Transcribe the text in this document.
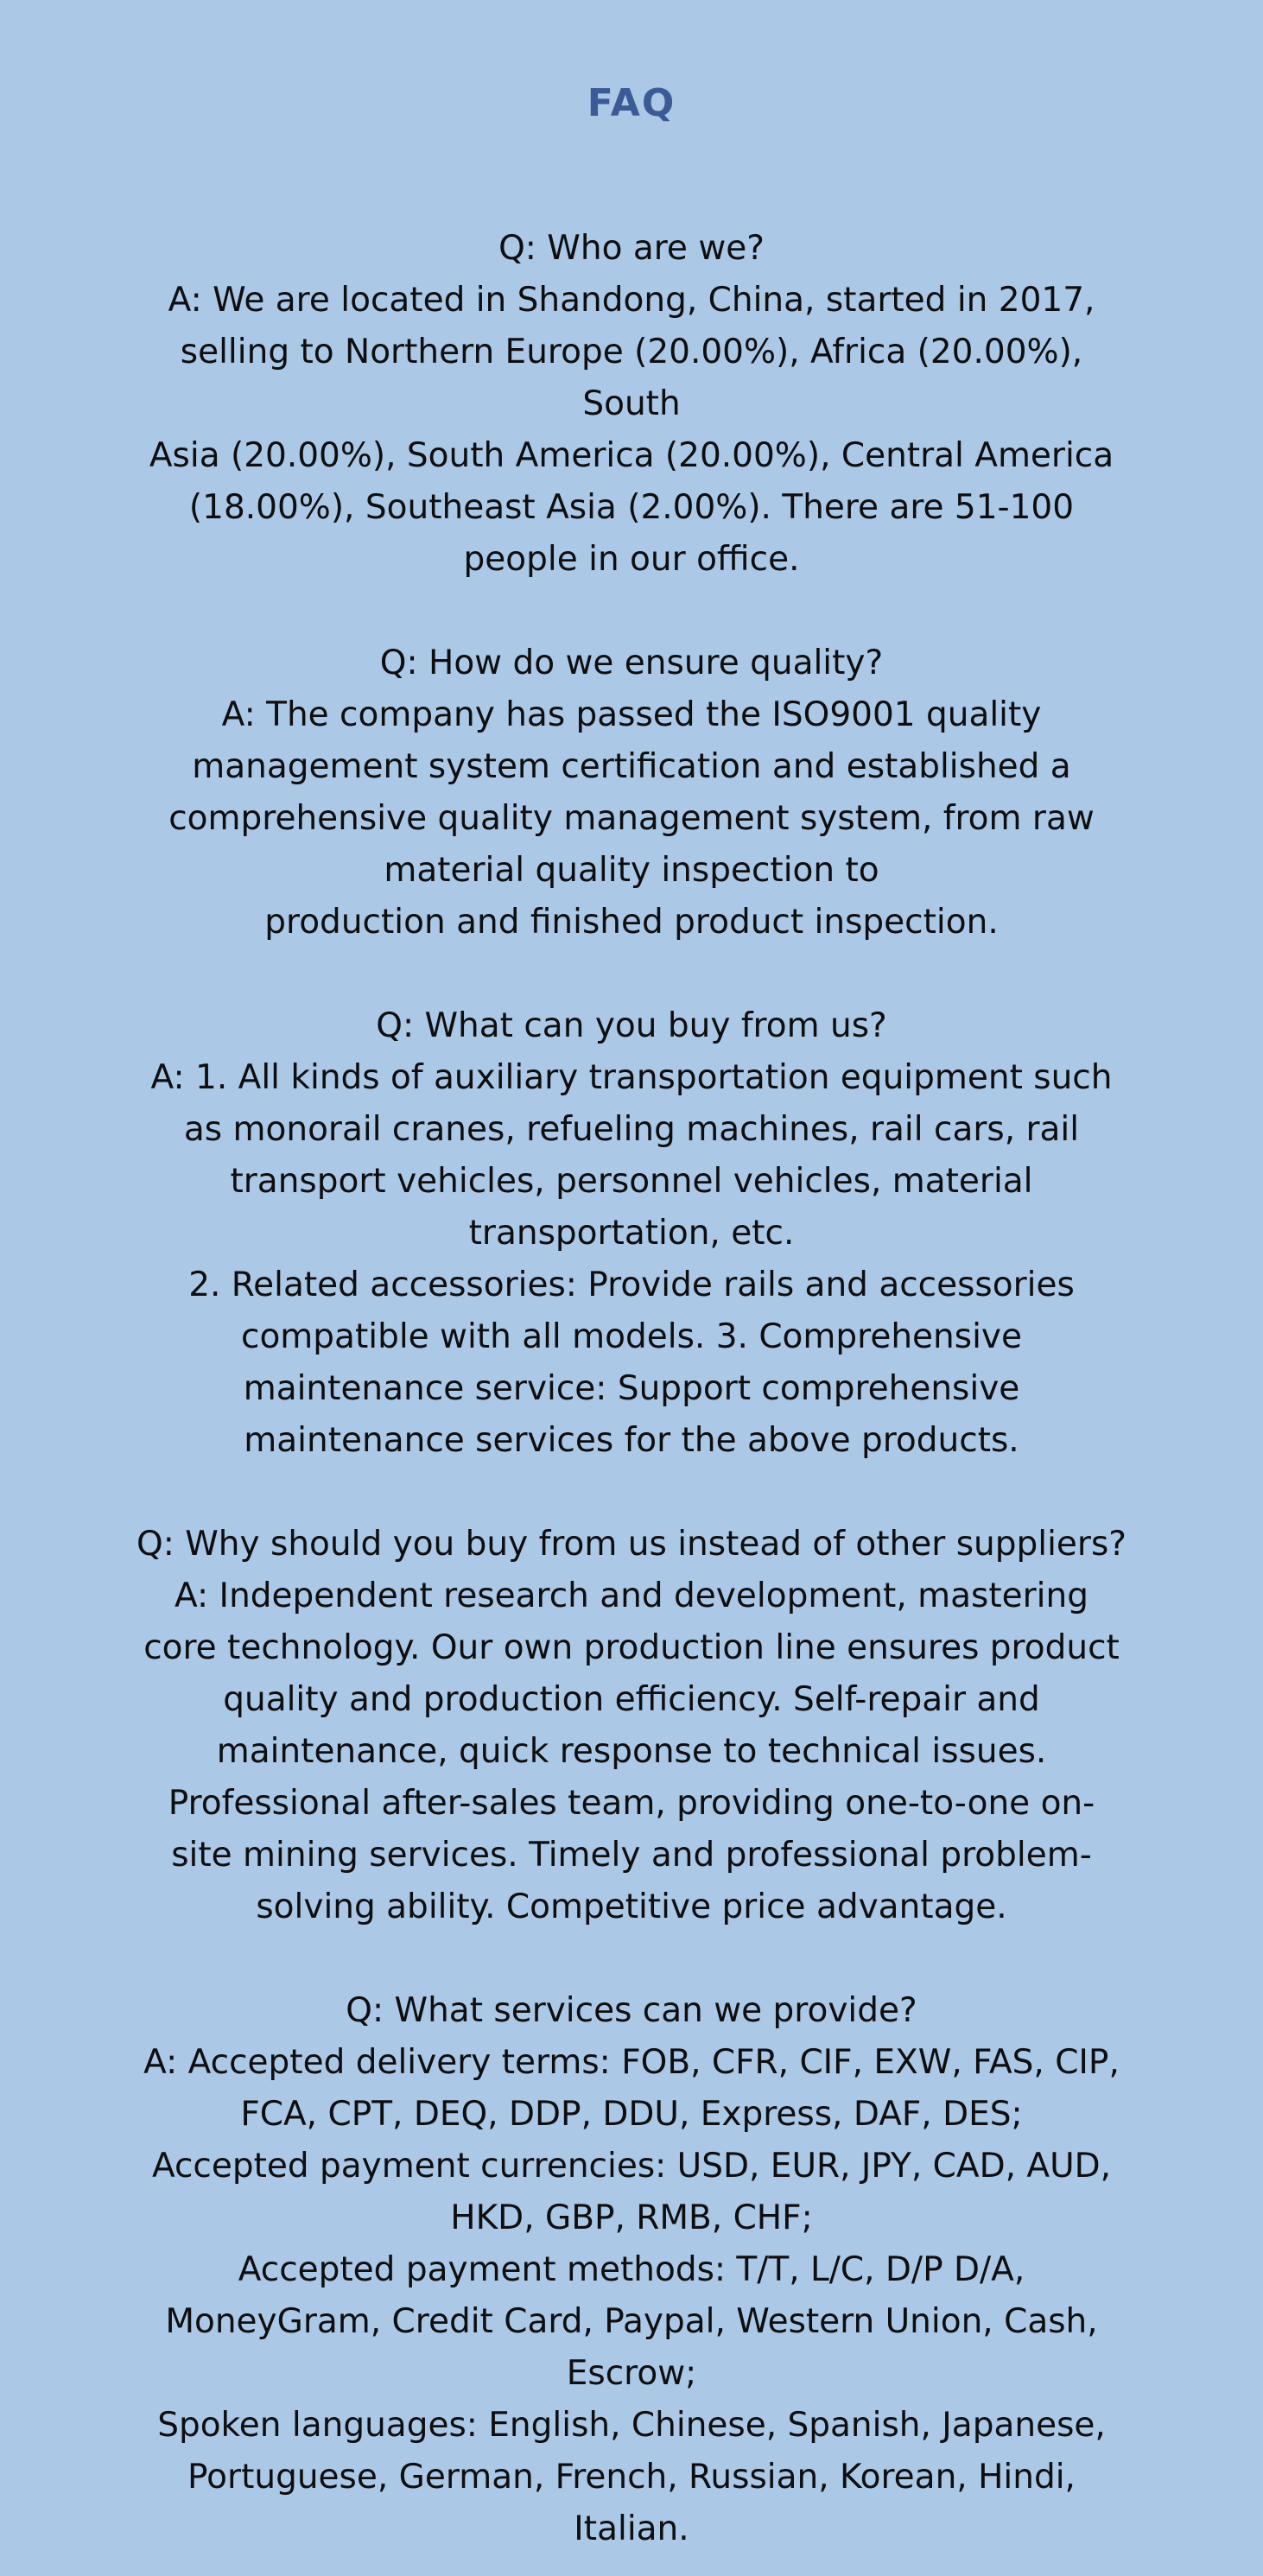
FAQ
Q: Who are we?
A: We are located in Shandong, China, started in 2017,
selling to Northern Europe (20.00%), Africa (20.00%),
South
Asia (20.00%), South America (20.00%), Central America
(18.00%), Southeast Asia (2.00%). There are 51-100
people in our office.
Q: How do we ensure quality?
A: The company has passed the ISO9001 quality
management system certification and established a
comprehensive quality management system, from raw
material quality inspection to
production and finished product inspection.
Q: What can you buy from us?
A: 1. All kinds of auxiliary transportation equipment such
as monorail cranes, refueling machines, rail cars, rail
transport vehicles, personnel vehicles, material
transportation, etc.
2. Related accessories: Provide rails and accessories
compatible with all models. 3. Comprehensive
maintenance service: Support comprehensive
maintenance services for the above products.
Q: Why should you buy from us instead of other suppliers?
A: Independent research and development, mastering
core technology. Our own production line ensures product
quality and production efficiency. Self-repair and
maintenance, quick response to technical issues.
Professional after-sales team, providing one-to-one on-
site mining services. Timely and professional problem-
solving ability. Competitive price advantage.
Q: What services can we provide?
A: Accepted delivery terms: FOB, CFR, CIF, EXW, FAS, CIP,
FCA, CPT, DEQ, DDP, DDU, Express, DAF, DES;
Accepted payment currencies: USD, EUR, JPY, CAD, AUD,
HKD, GBP, RMB, CHF;
Accepted payment methods: T/T, L/C, D/P D/A,
MoneyGram, Credit Card, Paypal, Western Union, Cash,
Escrow;
Spoken languages: English, Chinese, Spanish, Japanese,
Portuguese, German, French, Russian, Korean, Hindi,
Italian.
